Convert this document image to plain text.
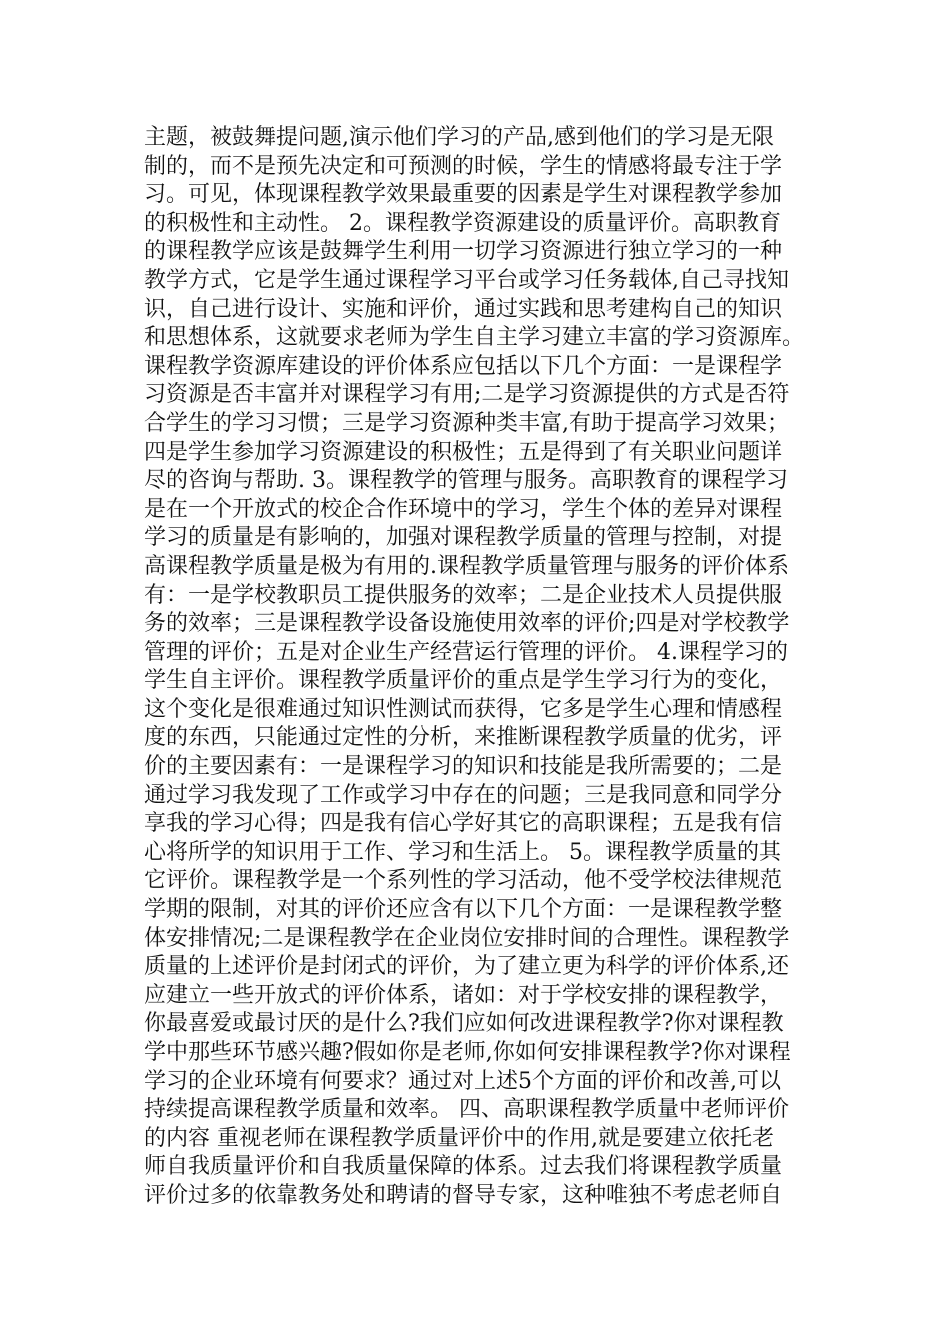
主题，被鼓舞提问题,演示他们学习的产品,感到他们的学习是无限
制的，而不是预先决定和可预测的时候，学生的情感将最专注于学
习。可见，体现课程教学效果最重要的因素是学生对课程教学参加
的积极性和主动性。 2。课程教学资源建设的质量评价。高职教育
的课程教学应该是鼓舞学生利用一切学习资源进行独立学习的一种
教学方式，它是学生通过课程学习平台或学习任务载体,自己寻找知
识，自己进行设计、实施和评价，通过实践和思考建构自己的知识
和思想体系，这就要求老师为学生自主学习建立丰富的学习资源库。
课程教学资源库建设的评价体系应包括以下几个方面：一是课程学
习资源是否丰富并对课程学习有用;二是学习资源提供的方式是否符
合学生的学习习惯；三是学习资源种类丰富,有助于提高学习效果；
四是学生参加学习资源建设的积极性；五是得到了有关职业问题详
尽的咨询与帮助. 3。课程教学的管理与服务。高职教育的课程学习
是在一个开放式的校企合作环境中的学习，学生个体的差异对课程
学习的质量是有影响的，加强对课程教学质量的管理与控制，对提
高课程教学质量是极为有用的.课程教学质量管理与服务的评价体系
有：一是学校教职员工提供服务的效率；二是企业技术人员提供服
务的效率；三是课程教学设备设施使用效率的评价;四是对学校教学
管理的评价；五是对企业生产经营运行管理的评价。 4.课程学习的
学生自主评价。课程教学质量评价的重点是学生学习行为的变化，
这个变化是很难通过知识性测试而获得，它多是学生心理和情感程
度的东西，只能通过定性的分析，来推断课程教学质量的优劣，评
价的主要因素有：一是课程学习的知识和技能是我所需要的；二是
通过学习我发现了工作或学习中存在的问题；三是我同意和同学分
享我的学习心得；四是我有信心学好其它的高职课程；五是我有信
心将所学的知识用于工作、学习和生活上。 5。课程教学质量的其
它评价。课程教学是一个系列性的学习活动，他不受学校法律规范
学期的限制，对其的评价还应含有以下几个方面：一是课程教学整
体安排情况;二是课程教学在企业岗位安排时间的合理性。课程教学
质量的上述评价是封闭式的评价，为了建立更为科学的评价体系,还
应建立一些开放式的评价体系，诸如：对于学校安排的课程教学，
你最喜爱或最讨厌的是什么?我们应如何改进课程教学?你对课程教
学中那些环节感兴趣?假如你是老师,你如何安排课程教学?你对课程
学习的企业环境有何要求？通过对上述5个方面的评价和改善,可以
持续提高课程教学质量和效率。 四、高职课程教学质量中老师评价
的内容 重视老师在课程教学质量评价中的作用,就是要建立依托老
师自我质量评价和自我质量保障的体系。过去我们将课程教学质量
评价过多的依靠教务处和聘请的督导专家，这种唯独不考虑老师自
